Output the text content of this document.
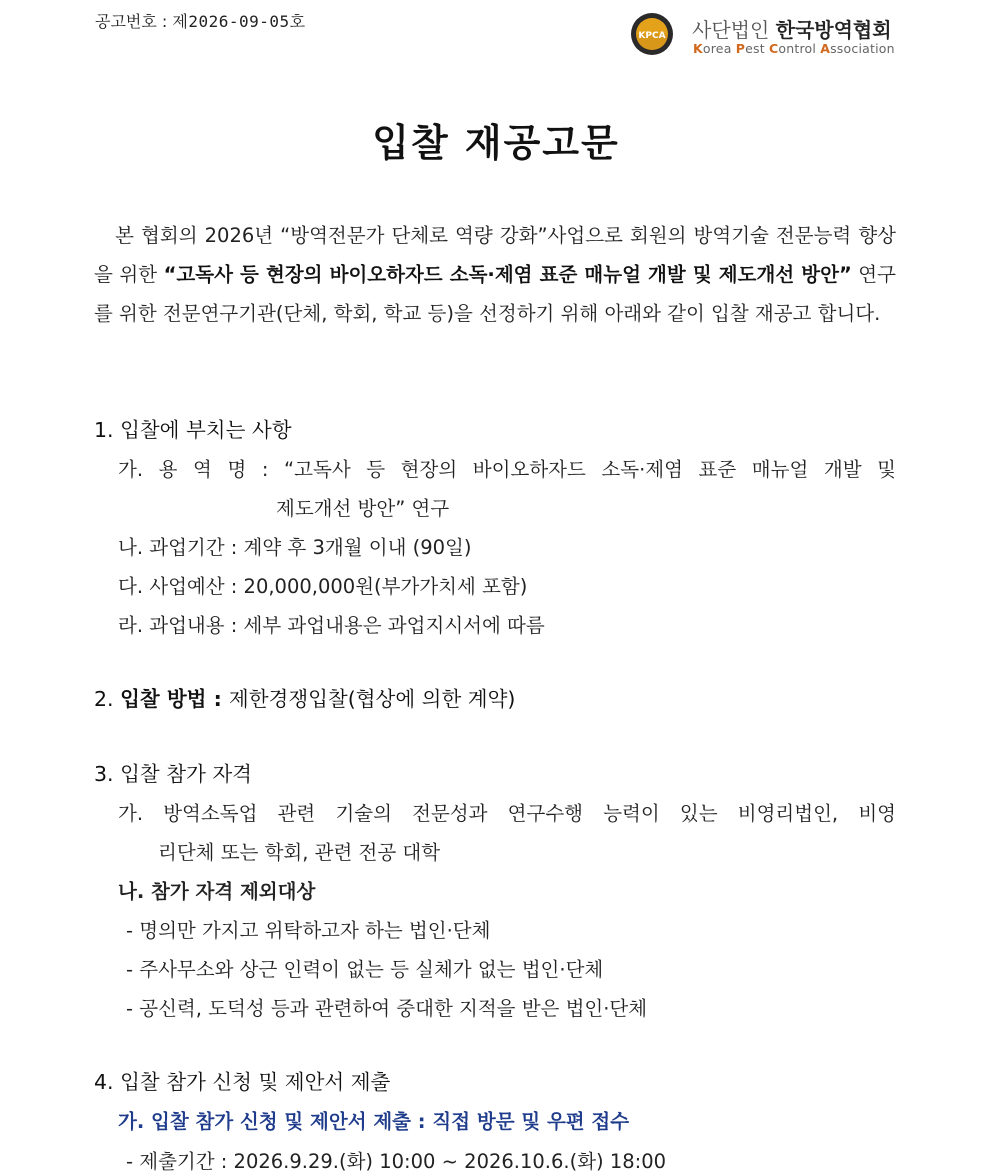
공고번호 : 제2026-09-05호
KPCA 사단법인 한국방역협회
Korea Pest Control Association
입찰 재공고문
본 협회의 2026년 “방역전문가 단체로 역량 강화”사업으로 회원의 방역기술 전문능력 향상을 위한 “고독사 등 현장의 바이오하자드 소독·제염 표준 매뉴얼 개발 및 제도개선 방안” 연구를 위한 전문연구기관(단체, 학회, 학교 등)을 선정하기 위해 아래와 같이 입찰 재공고 합니다.
1. 입찰에 부치는 사항
가. 용 역 명 : “고독사 등 현장의 바이오하자드 소독·제염 표준 매뉴얼 개발 및
제도개선 방안” 연구
나. 과업기간 : 계약 후 3개월 이내 (90일)
다. 사업예산 : 20,000,000원(부가가치세 포함)
라. 과업내용 : 세부 과업내용은 과업지시서에 따름
2. 입찰 방법 : 제한경쟁입찰(협상에 의한 계약)
3. 입찰 참가 자격
가. 방역소독업 관련 기술의 전문성과 연구수행 능력이 있는 비영리법인, 비영
리단체 또는 학회, 관련 전공 대학
나. 참가 자격 제외대상
- 명의만 가지고 위탁하고자 하는 법인·단체
- 주사무소와 상근 인력이 없는 등 실체가 없는 법인·단체
- 공신력, 도덕성 등과 관련하여 중대한 지적을 받은 법인·단체
4. 입찰 참가 신청 및 제안서 제출
가. 입찰 참가 신청 및 제안서 제출 : 직접 방문 및 우편 접수
- 제출기간 : 2026.9.29.(화) 10:00 ~ 2026.10.6.(화) 18:00
